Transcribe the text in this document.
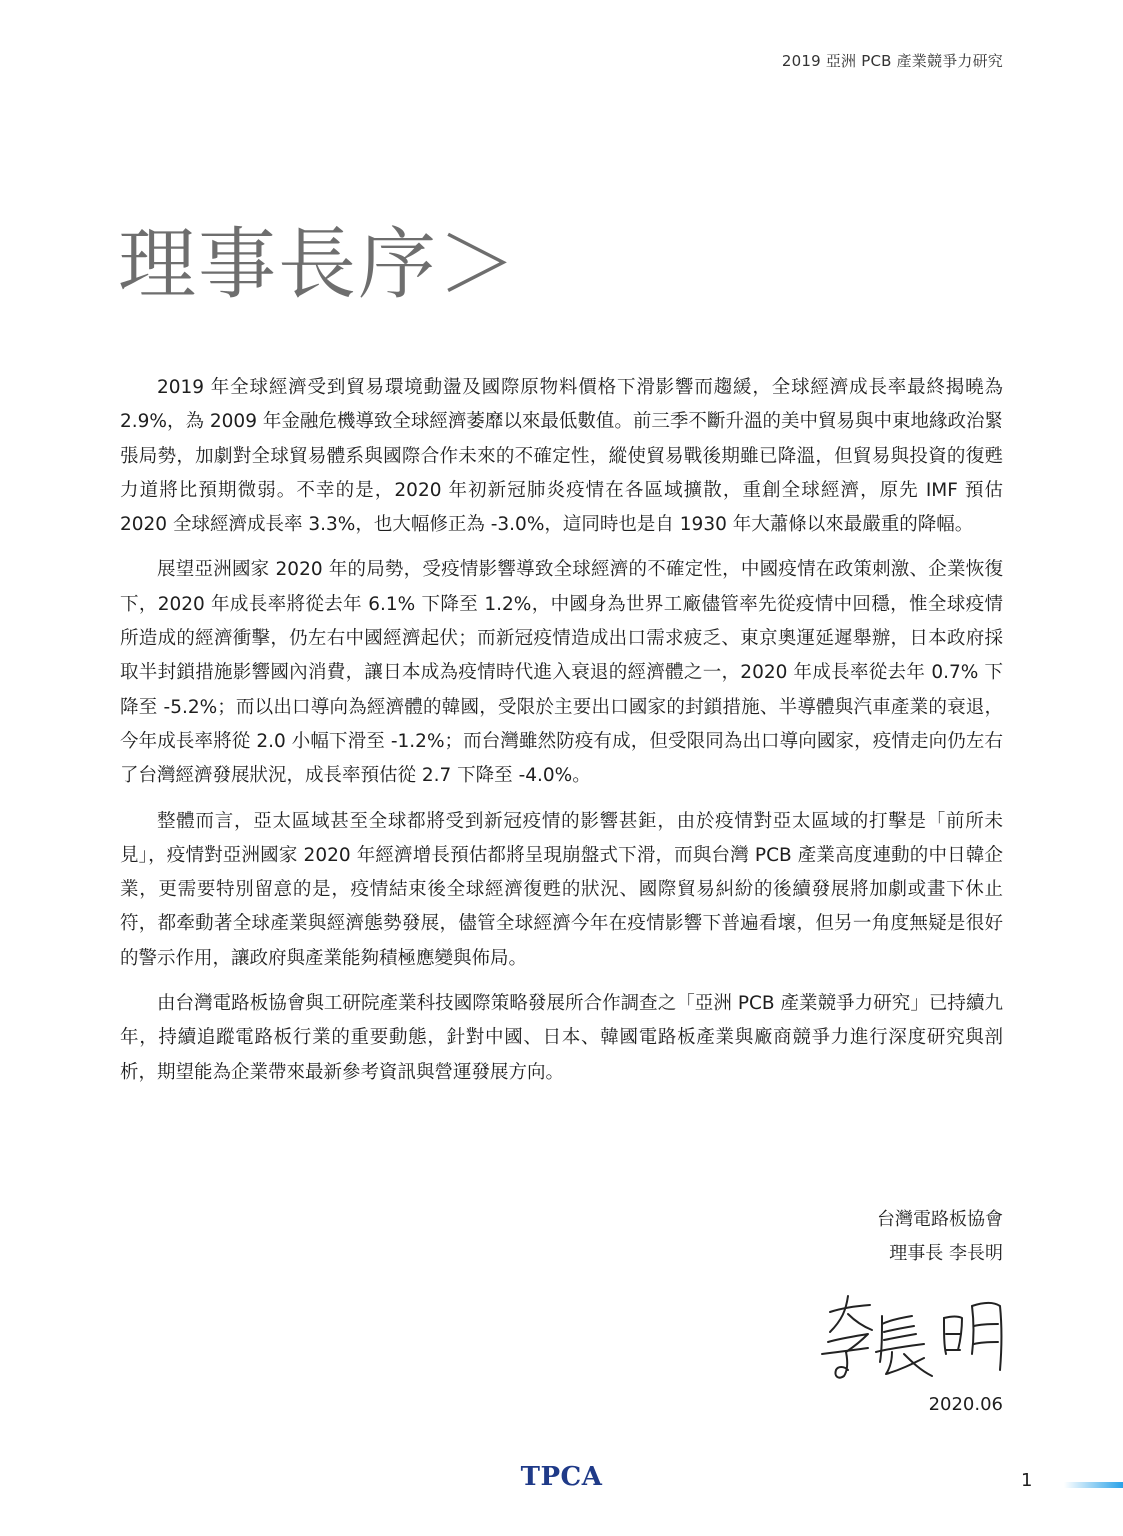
2019 亞洲 PCB 產業競爭力研究
理事長序＞

2019 年全球經濟受到貿易環境動盪及國際原物料價格下滑影響而趨緩，全球經濟成長率最終揭曉為 2.9%，為 2009 年金融危機導致全球經濟萎靡以來最低數值。前三季不斷升溫的美中貿易與中東地緣政治緊張局勢，加劇對全球貿易體系與國際合作未來的不確定性，縱使貿易戰後期雖已降溫，但貿易與投資的復甦力道將比預期微弱。不幸的是，2020 年初新冠肺炎疫情在各區域擴散，重創全球經濟，原先 IMF 預估 2020 全球經濟成長率 3.3%，也大幅修正為 -3.0%，這同時也是自 1930 年大蕭條以來最嚴重的降幅。

展望亞洲國家 2020 年的局勢，受疫情影響導致全球經濟的不確定性，中國疫情在政策刺激、企業恢復下，2020 年成長率將從去年 6.1% 下降至 1.2%，中國身為世界工廠儘管率先從疫情中回穩，惟全球疫情所造成的經濟衝擊，仍左右中國經濟起伏；而新冠疫情造成出口需求疲乏、東京奧運延遲舉辦，日本政府採取半封鎖措施影響國內消費，讓日本成為疫情時代進入衰退的經濟體之一，2020 年成長率從去年 0.7% 下降至 -5.2%；而以出口導向為經濟體的韓國，受限於主要出口國家的封鎖措施、半導體與汽車產業的衰退，今年成長率將從 2.0 小幅下滑至 -1.2%；而台灣雖然防疫有成，但受限同為出口導向國家，疫情走向仍左右了台灣經濟發展狀況，成長率預估從 2.7 下降至 -4.0%。

整體而言，亞太區域甚至全球都將受到新冠疫情的影響甚鉅，由於疫情對亞太區域的打擊是「前所未見」，疫情對亞洲國家 2020 年經濟增長預估都將呈現崩盤式下滑，而與台灣 PCB 產業高度連動的中日韓企業，更需要特別留意的是，疫情結束後全球經濟復甦的狀況、國際貿易糾紛的後續發展將加劇或畫下休止符，都牽動著全球產業與經濟態勢發展，儘管全球經濟今年在疫情影響下普遍看壞，但另一角度無疑是很好的警示作用，讓政府與產業能夠積極應變與佈局。

由台灣電路板協會與工研院產業科技國際策略發展所合作調查之「亞洲 PCB 產業競爭力研究」已持續九年，持續追蹤電路板行業的重要動態，針對中國、日本、韓國電路板產業與廠商競爭力進行深度研究與剖析，期望能為企業帶來最新參考資訊與營運發展方向。

台灣電路板協會
理事長 李長明
2020.06
TPCA	1
